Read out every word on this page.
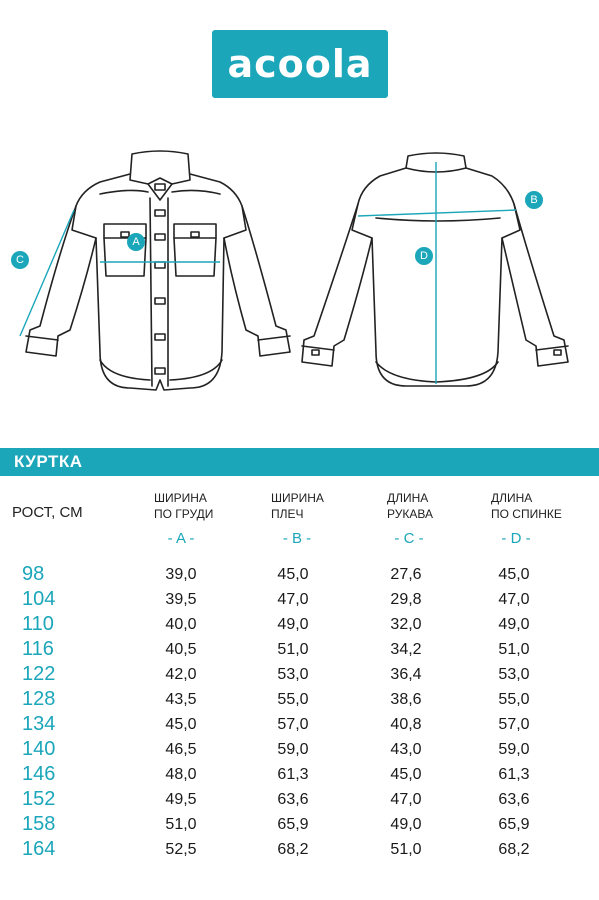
acoola
A
B
C	D
КУРТКА
РОСТ, СМ
ШИРИНА
ПО ГРУДИ
ШИРИНА
ПЛЕЧ
ДЛИНА
РУКАВА
ДЛИНА
ПО СПИНКЕ
- A -	- B -	- C -	- D -
98	39,0	45,0	27,6	45,0
104	39,5	47,0	29,8	47,0
110	40,0	49,0	32,0	49,0
116	40,5	51,0	34,2	51,0
122	42,0	53,0	36,4	53,0
128	43,5	55,0	38,6	55,0
134	45,0	57,0	40,8	57,0
140	46,5	59,0	43,0	59,0
146	48,0	61,3	45,0	61,3
152	49,5	63,6	47,0	63,6
158	51,0	65,9	49,0	65,9
164	52,5	68,2	51,0	68,2
